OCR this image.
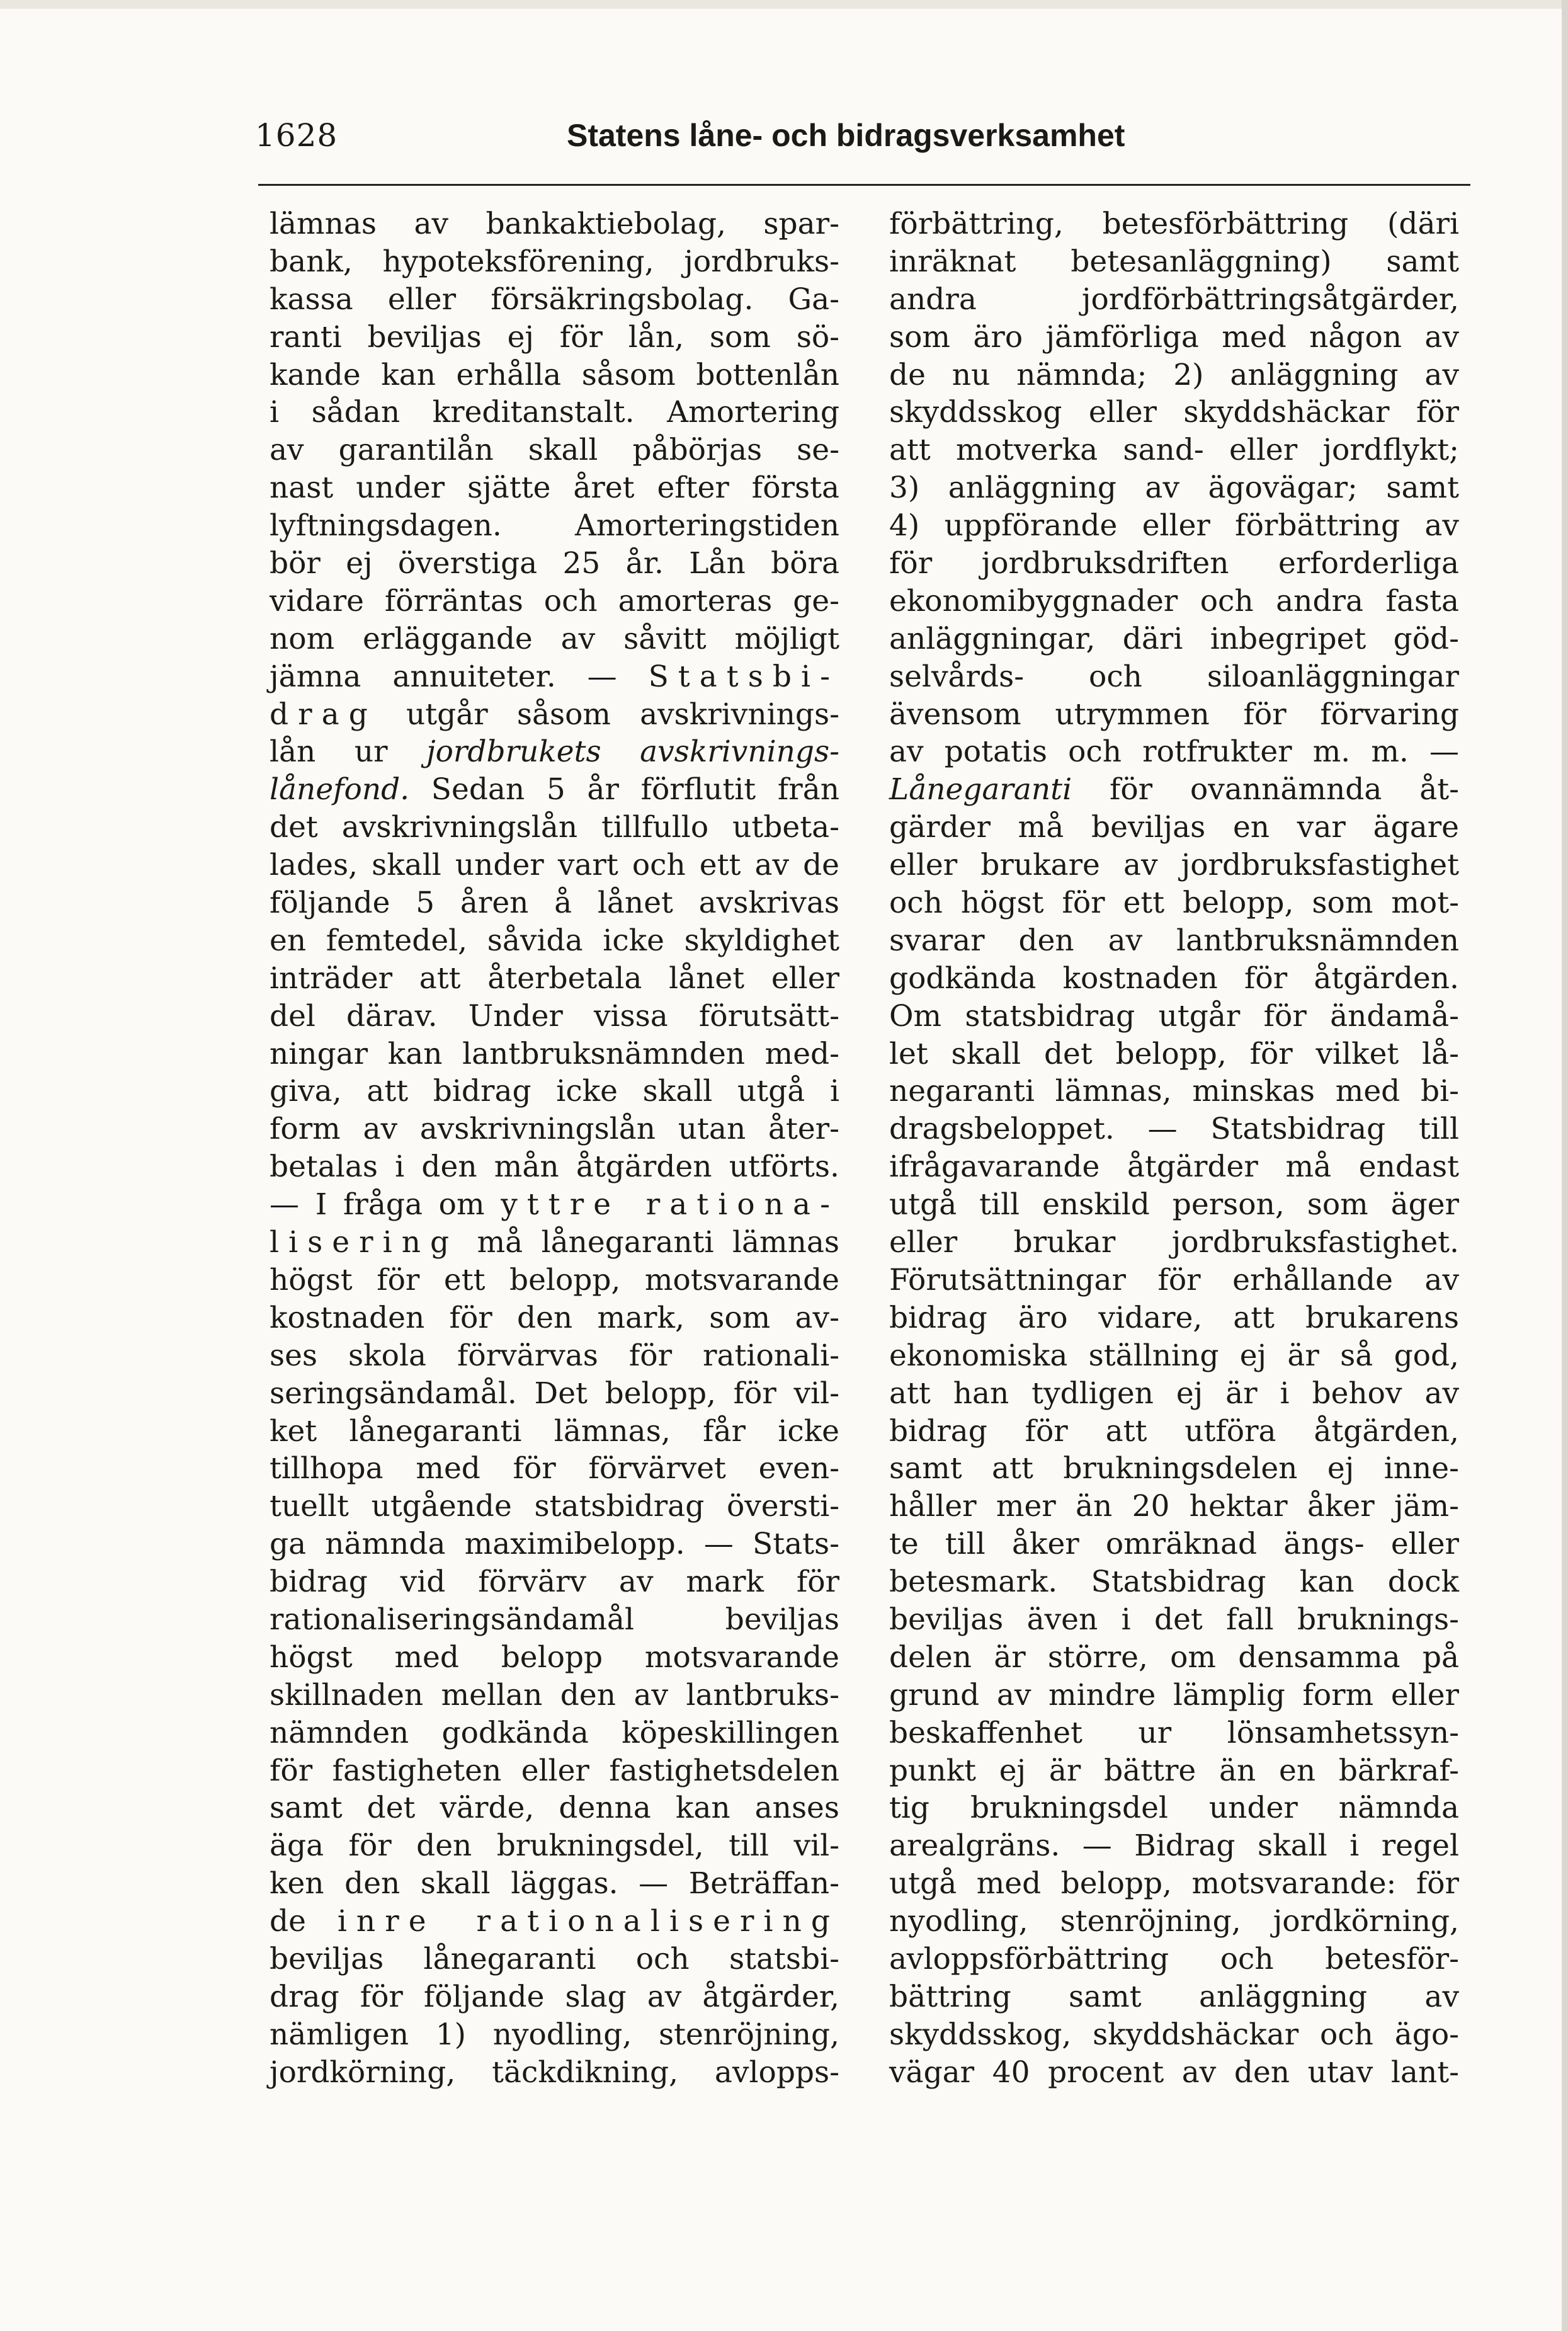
1628	Statens låne- och bidragsverksamhet
lämnas av bankaktiebolag, spar-
bank, hypoteksförening, jordbruks-
kassa eller försäkringsbolag. Ga-
ranti beviljas ej för lån, som sö-
kande kan erhålla såsom bottenlån
i sådan kreditanstalt. Amortering
av garantilån skall påbörjas se-
nast under sjätte året efter första
lyftningsdagen. Amorteringstiden
bör ej överstiga 25 år. Lån böra
vidare förräntas och amorteras ge-
nom erläggande av såvitt möjligt
jämna annuiteter. — Statsbi-
drag utgår såsom avskrivnings-
lån ur jordbrukets avskrivnings-
lånefond. Sedan 5 år förflutit från
det avskrivningslån tillfullo utbeta-
lades, skall under vart och ett av de
följande 5 åren å lånet avskrivas
en femtedel, såvida icke skyldighet
inträder att återbetala lånet eller
del därav. Under vissa förutsätt-
ningar kan lantbruksnämnden med-
giva, att bidrag icke skall utgå i
form av avskrivningslån utan åter-
betalas i den mån åtgärden utförts.
— I fråga om yttre rationa-
lisering må lånegaranti lämnas
högst för ett belopp, motsvarande
kostnaden för den mark, som av-
ses skola förvärvas för rationali-
seringsändamål. Det belopp, för vil-
ket lånegaranti lämnas, får icke
tillhopa med för förvärvet even-
tuellt utgående statsbidrag översti-
ga nämnda maximibelopp. — Stats-
bidrag vid förvärv av mark för
rationaliseringsändamål beviljas
högst med belopp motsvarande
skillnaden mellan den av lantbruks-
nämnden godkända köpeskillingen
för fastigheten eller fastighetsdelen
samt det värde, denna kan anses
äga för den brukningsdel, till vil-
ken den skall läggas. — Beträffan-
de inre rationalisering
beviljas lånegaranti och statsbi-
drag för följande slag av åtgärder,
nämligen 1) nyodling, stenröjning,
jordkörning, täckdikning, avlopps-
förbättring, betesförbättring (däri
inräknat betesanläggning) samt
andra jordförbättringsåtgärder,
som äro jämförliga med någon av
de nu nämnda; 2) anläggning av
skyddsskog eller skyddshäckar för
att motverka sand- eller jordflykt;
3) anläggning av ägovägar; samt
4) uppförande eller förbättring av
för jordbruksdriften erforderliga
ekonomibyggnader och andra fasta
anläggningar, däri inbegripet göd-
selvårds- och siloanläggningar
ävensom utrymmen för förvaring
av potatis och rotfrukter m. m. —
Lånegaranti för ovannämnda åt-
gärder må beviljas en var ägare
eller brukare av jordbruksfastighet
och högst för ett belopp, som mot-
svarar den av lantbruksnämnden
godkända kostnaden för åtgärden.
Om statsbidrag utgår för ändamå-
let skall det belopp, för vilket lå-
negaranti lämnas, minskas med bi-
dragsbeloppet. — Statsbidrag till
ifrågavarande åtgärder må endast
utgå till enskild person, som äger
eller brukar jordbruksfastighet.
Förutsättningar för erhållande av
bidrag äro vidare, att brukarens
ekonomiska ställning ej är så god,
att han tydligen ej är i behov av
bidrag för att utföra åtgärden,
samt att brukningsdelen ej inne-
håller mer än 20 hektar åker jäm-
te till åker omräknad ängs- eller
betesmark. Statsbidrag kan dock
beviljas även i det fall bruknings-
delen är större, om densamma på
grund av mindre lämplig form eller
beskaffenhet ur lönsamhetssyn-
punkt ej är bättre än en bärkraf-
tig brukningsdel under nämnda
arealgräns. — Bidrag skall i regel
utgå med belopp, motsvarande: för
nyodling, stenröjning, jordkörning,
avloppsförbättring och betesför-
bättring samt anläggning av
skyddsskog, skyddshäckar och ägo-
vägar 40 procent av den utav lant-
